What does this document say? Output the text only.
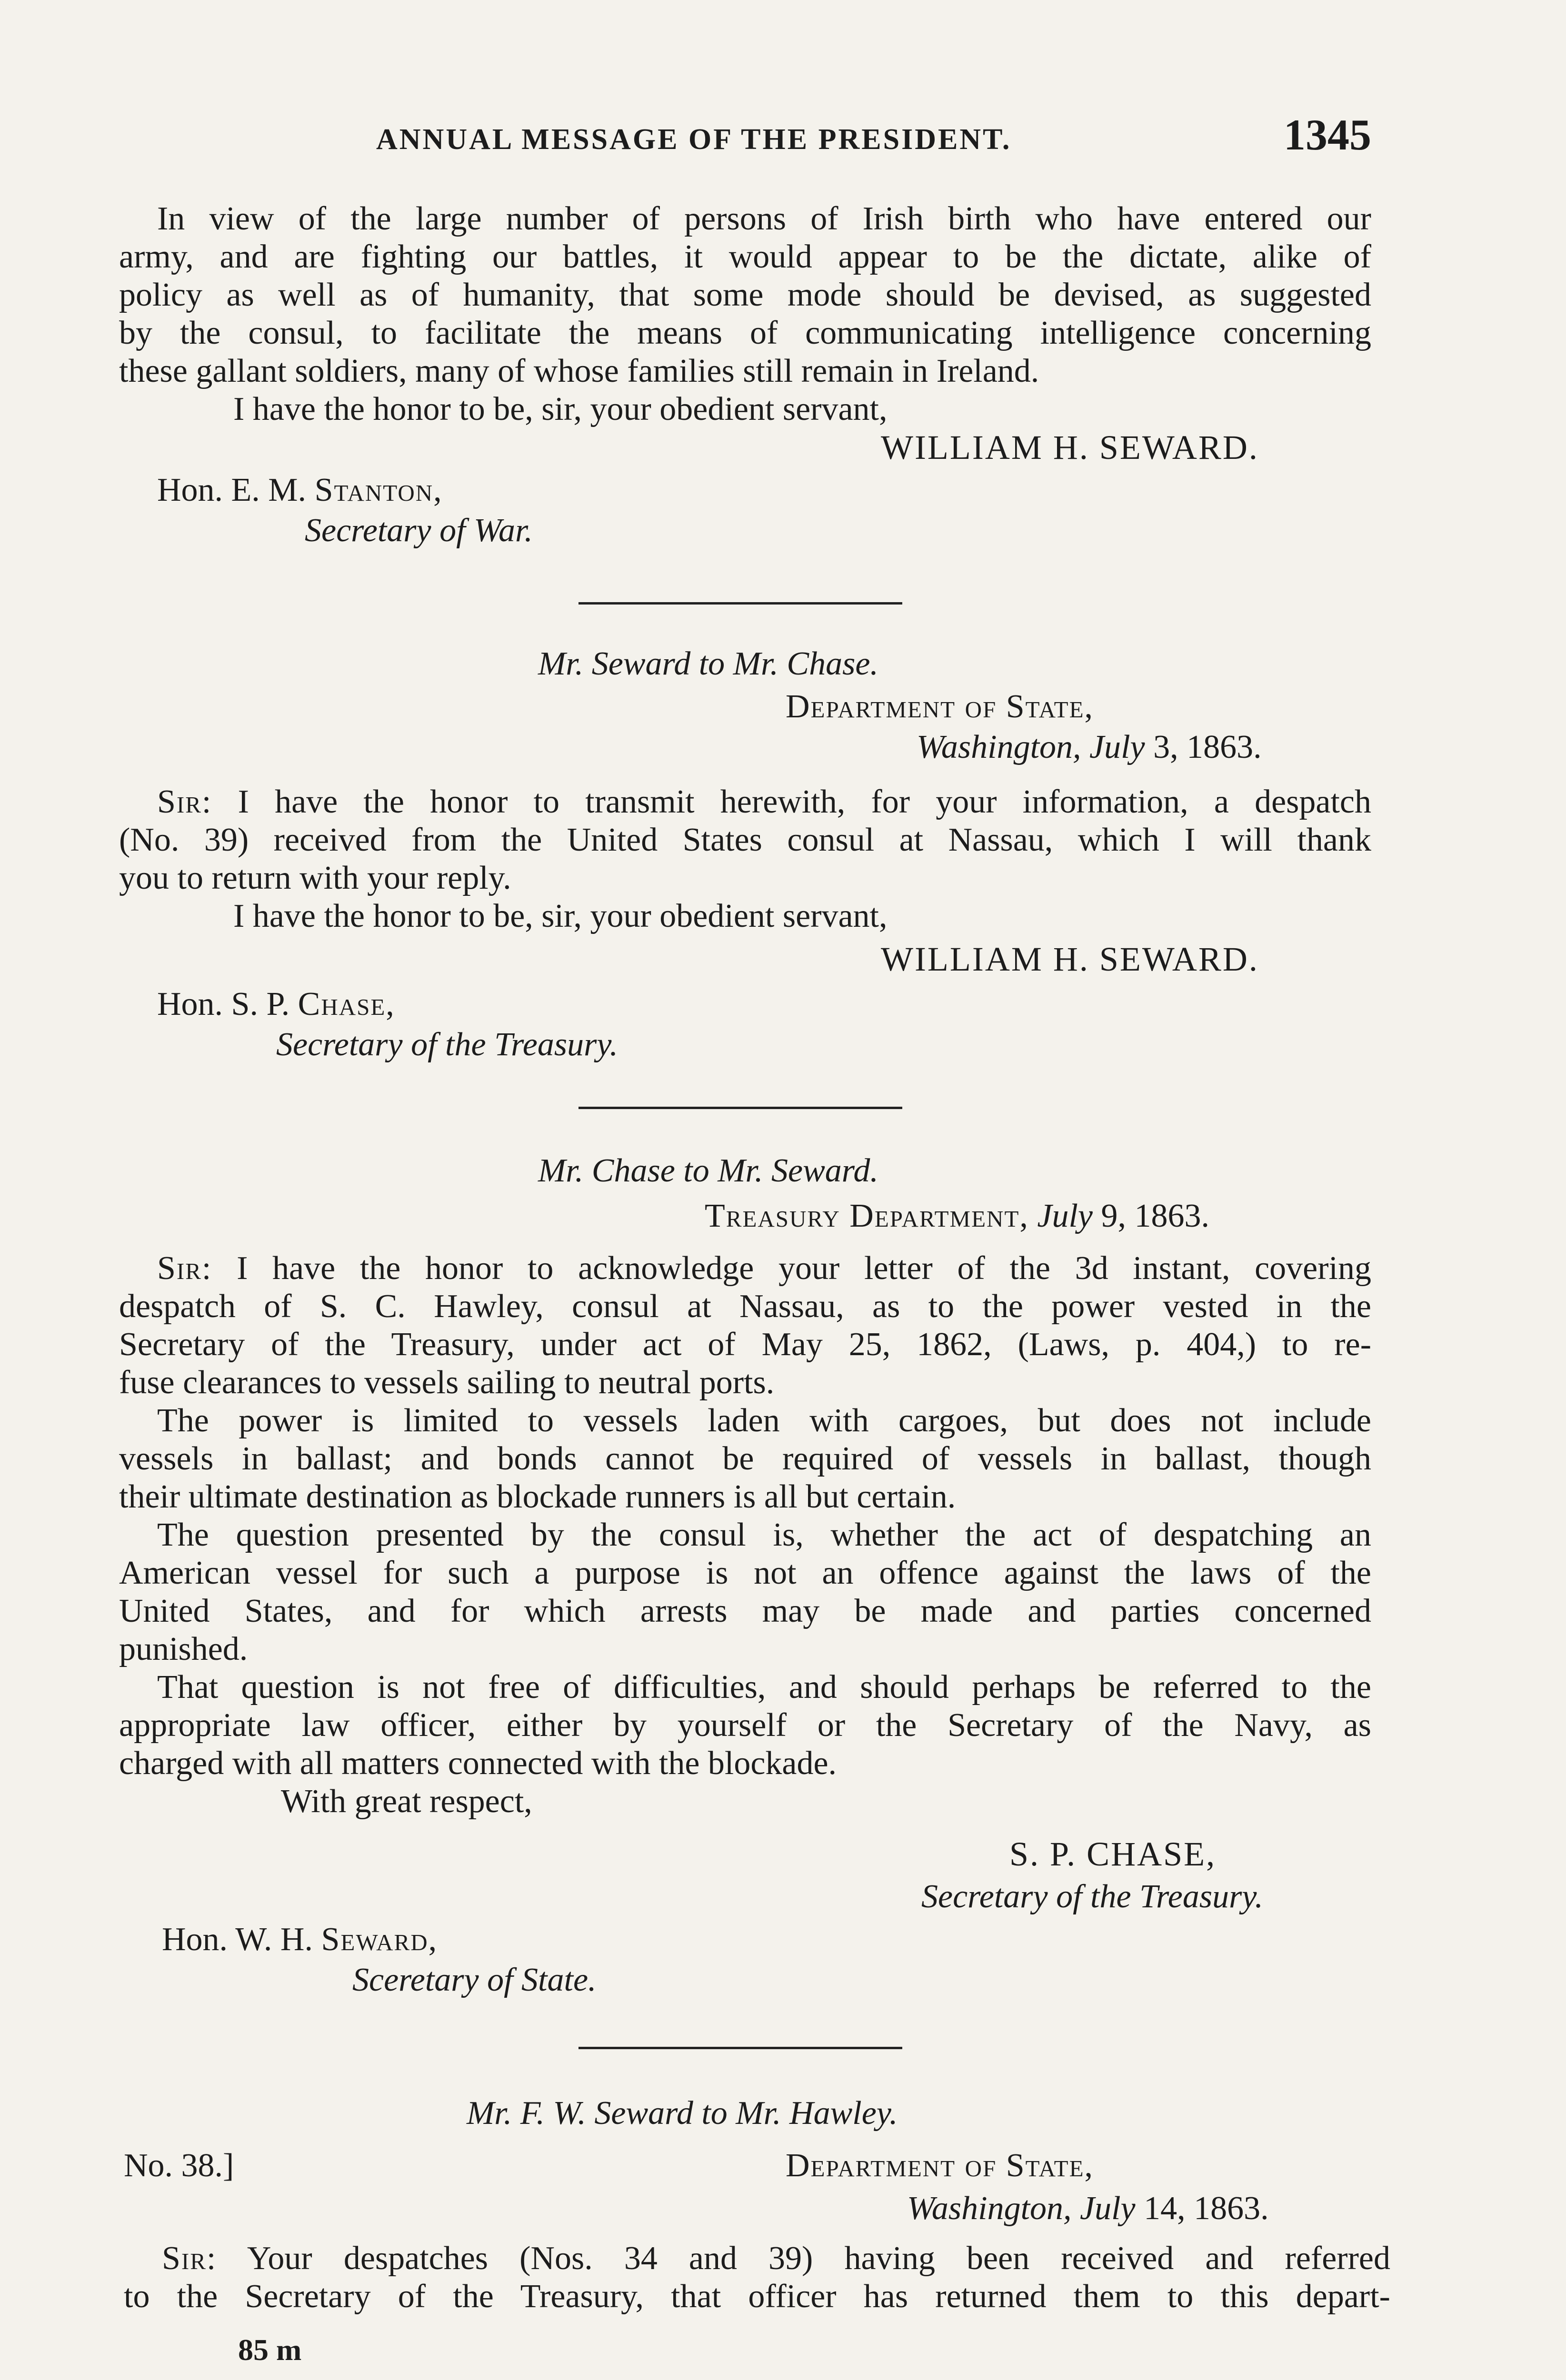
ANNUAL MESSAGE OF THE PRESIDENT.	1345
In view of the large number of persons of Irish birth who have entered our
army, and are fighting our battles, it would appear to be the dictate, alike of
policy as well as of humanity, that some mode should be devised, as suggested
by the consul, to facilitate the means of communicating intelligence concerning
these gallant soldiers, many of whose families still remain in Ireland.
I have the honor to be, sir, your obedient servant,
WILLIAM H. SEWARD.
Hon. E. M. Stanton,
Secretary of War.
Mr. Seward to Mr. Chase.
Department of State,
Washington, July 3, 1863.
Sir: I have the honor to transmit herewith, for your information, a despatch
(No. 39) received from the United States consul at Nassau, which I will thank
you to return with your reply.
I have the honor to be, sir, your obedient servant,
WILLIAM H. SEWARD.
Hon. S. P. Chase,
Secretary of the Treasury.
Mr. Chase to Mr. Seward.
Treasury Department, July 9, 1863.
Sir: I have the honor to acknowledge your letter of the 3d instant, covering
despatch of S. C. Hawley, consul at Nassau, as to the power vested in the
Secretary of the Treasury, under act of May 25, 1862, (Laws, p. 404,) to re-
fuse clearances to vessels sailing to neutral ports.
The power is limited to vessels laden with cargoes, but does not include
vessels in ballast; and bonds cannot be required of vessels in ballast, though
their ultimate destination as blockade runners is all but certain.
The question presented by the consul is, whether the act of despatching an
American vessel for such a purpose is not an offence against the laws of the
United States, and for which arrests may be made and parties concerned
punished.
That question is not free of difficulties, and should perhaps be referred to the
appropriate law officer, either by yourself or the Secretary of the Navy, as
charged with all matters connected with the blockade.
With great respect,
S. P. CHASE,
Secretary of the Treasury.
Hon. W. H. Seward,
Sceretary of State.
Mr. F. W. Seward to Mr. Hawley.
No. 38.]	Department of State,
Washington, July 14, 1863.
Sir: Your despatches (Nos. 34 and 39) having been received and referred
to the Secretary of the Treasury, that officer has returned them to this depart-
85 m
